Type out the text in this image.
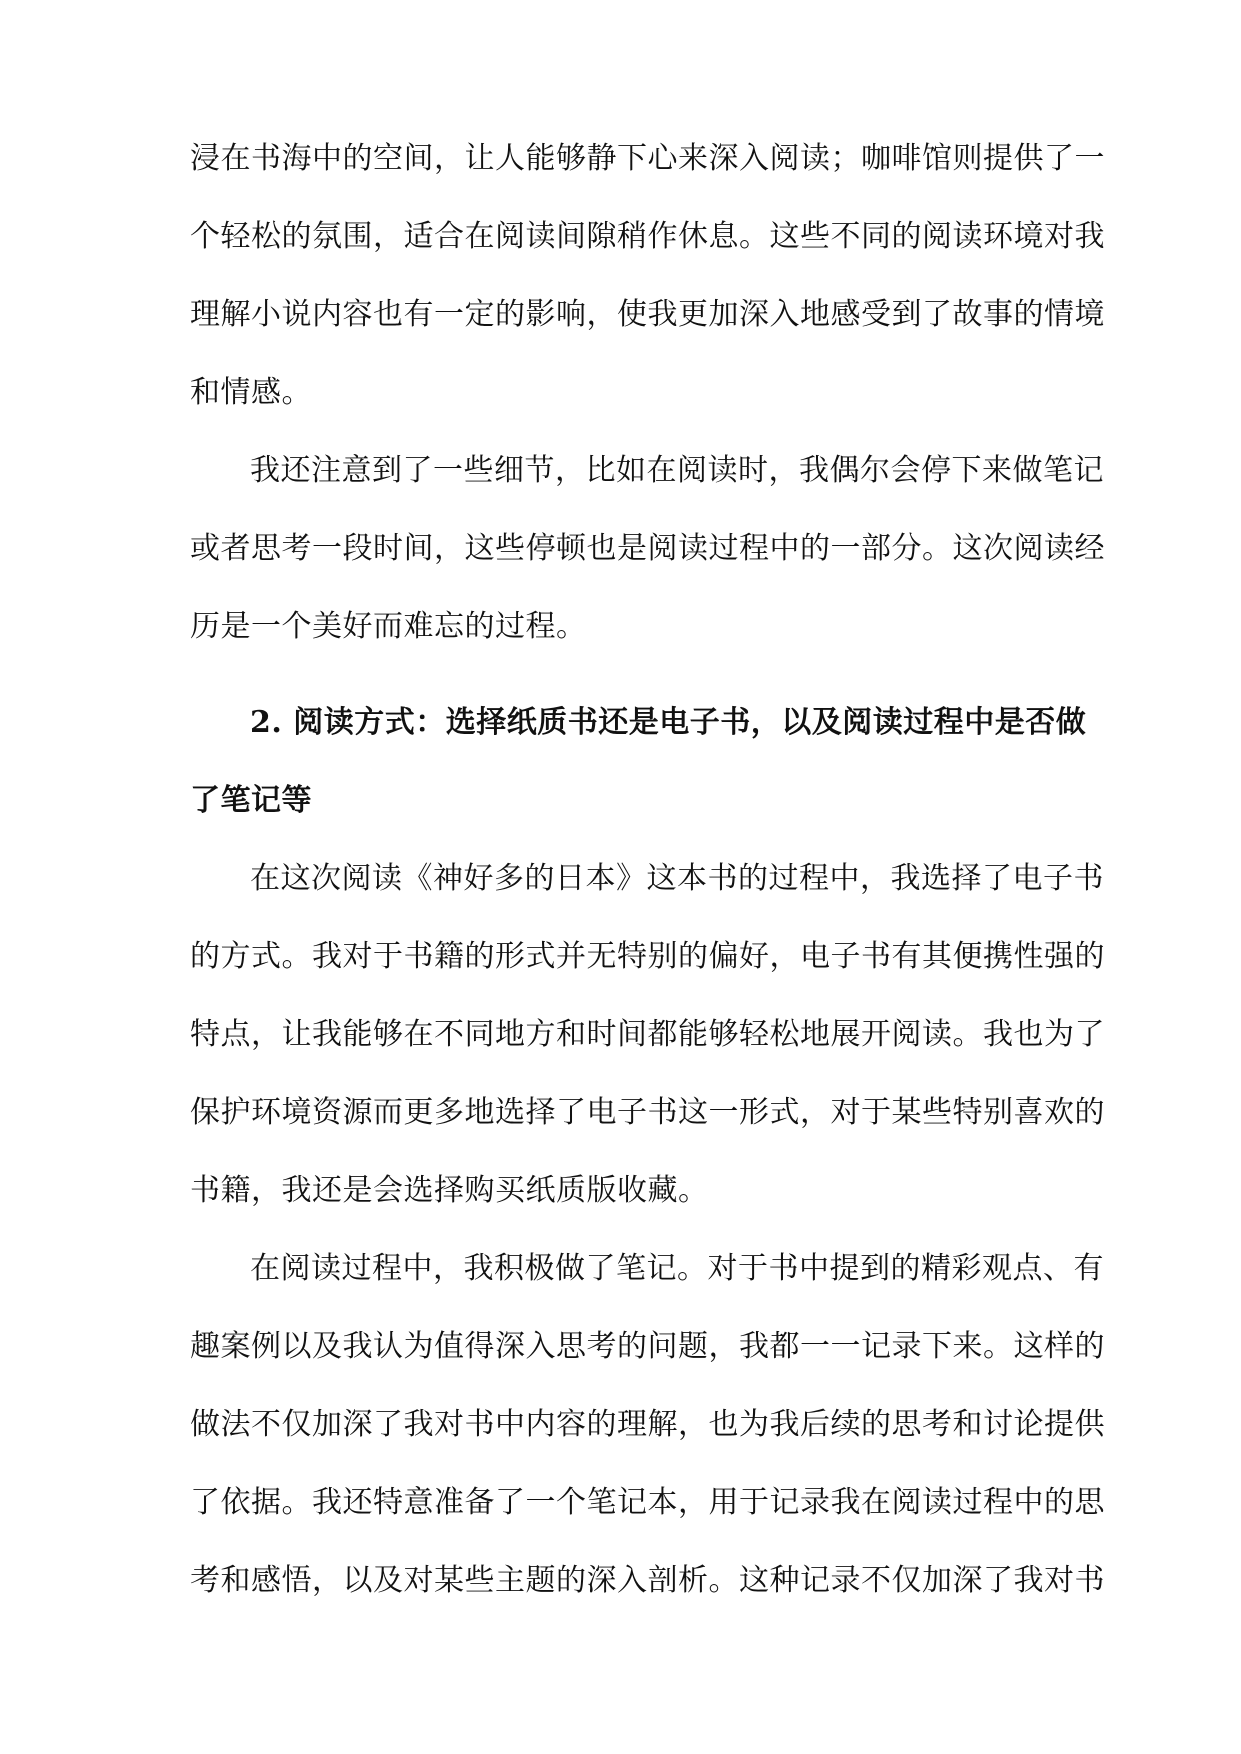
浸在书海中的空间，让人能够静下心来深入阅读；咖啡馆则提供了一
个轻松的氛围，适合在阅读间隙稍作休息。这些不同的阅读环境对我
理解小说内容也有一定的影响，使我更加深入地感受到了故事的情境
和情感。
我还注意到了一些细节，比如在阅读时，我偶尔会停下来做笔记
或者思考一段时间，这些停顿也是阅读过程中的一部分。这次阅读经
历是一个美好而难忘的过程。
2. 阅读方式：选择纸质书还是电子书，以及阅读过程中是否做
了笔记等
在这次阅读《神好多的日本》这本书的过程中，我选择了电子书
的方式。我对于书籍的形式并无特别的偏好，电子书有其便携性强的
特点，让我能够在不同地方和时间都能够轻松地展开阅读。我也为了
保护环境资源而更多地选择了电子书这一形式，对于某些特别喜欢的
书籍，我还是会选择购买纸质版收藏。
在阅读过程中，我积极做了笔记。对于书中提到的精彩观点、有
趣案例以及我认为值得深入思考的问题，我都一一记录下来。这样的
做法不仅加深了我对书中内容的理解，也为我后续的思考和讨论提供
了依据。我还特意准备了一个笔记本，用于记录我在阅读过程中的思
考和感悟，以及对某些主题的深入剖析。这种记录不仅加深了我对书
